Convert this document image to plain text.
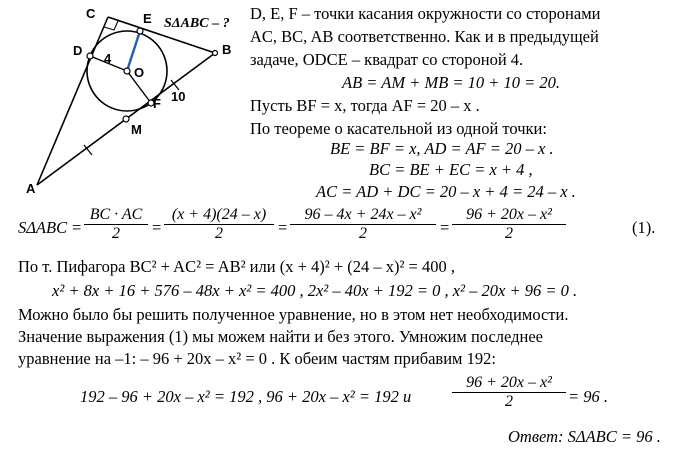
C	E
D
4
O
B
F 10
M
A
SΔABC – ?
D, E, F – точки касания окружности со сторонами
AC, BC, AB соответственно. Как и в предыдущей
задаче, ODCE – квадрат со стороной 4.
AB = AM + MB = 10 + 10 = 20.
Пусть BF = x, тогда AF = 20 – x .
По теореме о касательной из одной точки:
BE = BF = x, AD = AF = 20 – x .
BC = BE + EC = x + 4 ,
AC = AD + DC = 20 – x + 4 = 24 – x .
$S\Delta ABC = \frac{BC \cdot AC}{2} = \frac{(x + 4)(24 - x)}{2} = \frac{\text{96 – 4x + 24x – x²}}{2} = \frac{\text{96 + 20x – x²}}{2}$	(1).
По т. Пифагора BC² + AC² = AB² или (x + 4)² + (24 – x)² = 400 ,
x² + 8x + 16 + 576 – 48x + x² = 400 , 2x² – 40x + 192 = 0 , x² – 20x + 96 = 0 .
Можно было бы решить полученное уравнение, но в этом нет необходимости.
Значение выражения (1) мы можем найти и без этого. Умножим последнее
уравнение на –1: – 96 + 20x – x² = 0 . К обеим частям прибавим 192:
192 – 96 + 20x – x² = 192 , 96 + 20x – x² = 192 и	$\frac{\text{96 + 20x – x²}}{2} = 96$ .
Ответ: SΔABC = 96 .
